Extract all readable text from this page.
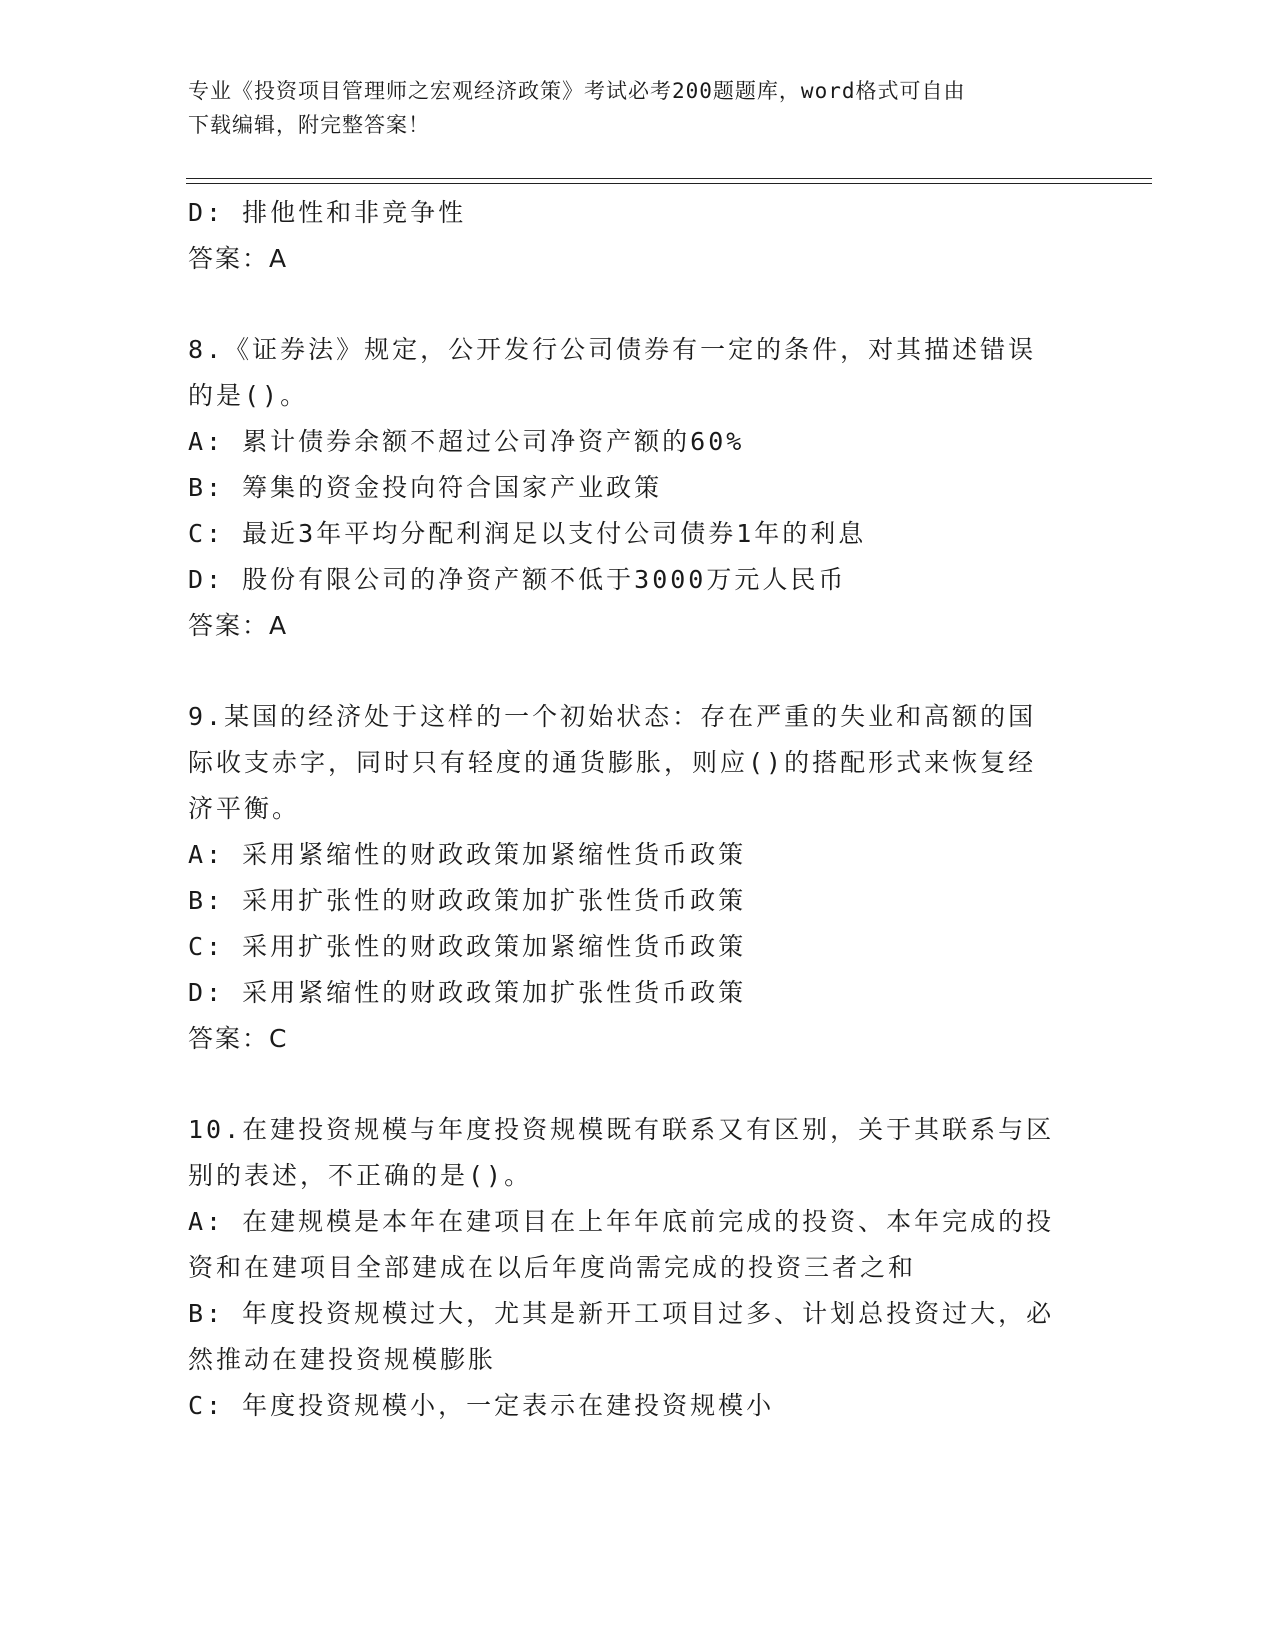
专业《投资项目管理师之宏观经济政策》考试必考200题题库，word格式可自由
下载编辑，附完整答案！
D: 排他性和非竞争性
答案：A
8.《证券法》规定，公开发行公司债券有一定的条件，对其描述错误
的是()。
A: 累计债券余额不超过公司净资产额的60%
B: 筹集的资金投向符合国家产业政策
C: 最近3年平均分配利润足以支付公司债券1年的利息
D: 股份有限公司的净资产额不低于3000万元人民币
答案：A
9.某国的经济处于这样的一个初始状态：存在严重的失业和高额的国
际收支赤字，同时只有轻度的通货膨胀，则应()的搭配形式来恢复经
济平衡。
A: 采用紧缩性的财政政策加紧缩性货币政策
B: 采用扩张性的财政政策加扩张性货币政策
C: 采用扩张性的财政政策加紧缩性货币政策
D: 采用紧缩性的财政政策加扩张性货币政策
答案：C
10.在建投资规模与年度投资规模既有联系又有区别，关于其联系与区
别的表述，不正确的是()。
A: 在建规模是本年在建项目在上年年底前完成的投资、本年完成的投
资和在建项目全部建成在以后年度尚需完成的投资三者之和
B: 年度投资规模过大，尤其是新开工项目过多、计划总投资过大，必
然推动在建投资规模膨胀
C: 年度投资规模小，一定表示在建投资规模小
